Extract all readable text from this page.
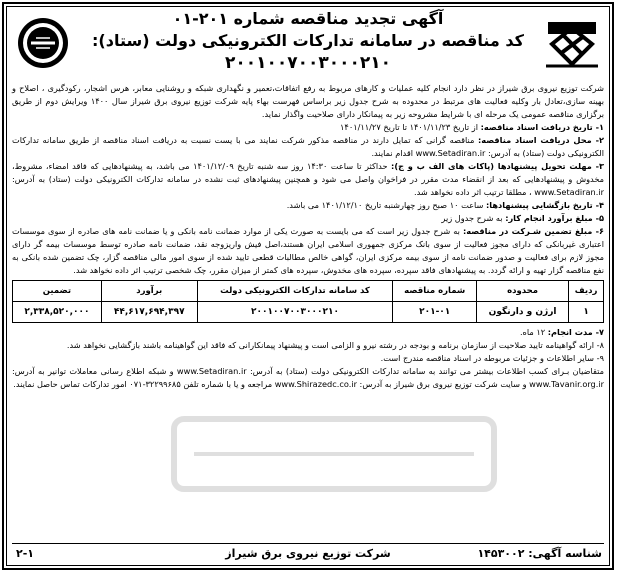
آگهی تجدید مناقصه شماره ۲۰۱-۰۱
کد مناقصه در سامانه تدارکات الکترونیکی دولت (ستاد):
۲۰۰۱۰۰۷۰۰۳۰۰۰۲۱۰

شرکت توزیع نیروی برق شیراز در نظر دارد انجام کلیه عملیات و کارهای مربوط به رفع اتفاقات،تعمیر و نگهداری شبکه و روشنایی معابر، هرس اشجار، رکودگیری ، اصلاح و بهینه سازی،تعادل بار وکلیه فعالیت های مرتبط در محدوده به شرح جدول زیر براساس فهرست بهاء پایه شرکت توزیع نیروی برق شیراز سال ۱۴۰۰ ویرایش دوم از طریق برگزاری مناقصه عمومی یک مرحله ای با شرایط مشروحه زیر به پیمانکار دارای صلاحیت واگذار نماید.

۱- تاریخ دریافت اسناد مناقصه: از تاریخ ۱۴۰۱/۱۱/۲۳ تا تاریخ ۱۴۰۱/۱۱/۲۷

۲- محل دریافت اسناد مناقصه: مناقصه گرانی که تمایل دارند در مناقصه مذکور شرکت نمایند می با یست نسبت به دریافت اسناد مناقصه از طریق سامانه تدارکات الکترونیکی دولت (ستاد) به آدرس: www.Setadiran.ir اقدام نمایند.

۳- مهلت تحویل پیشنهادها (پاکات های الف ب و ج): حداکثر تا ساعت ۱۴:۳۰ روز سه شنبه تاریخ ۱۴۰۱/۱۲/۰۹ می باشد، به پیشنهادهایی که فاقد امضاء، مشروط، مخدوش و پیشنهادهایی که بعد از انقضاء مدت مقرر در فراخوان واصل می شود و همچنین پیشنهادهای ثبت نشده در سامانه تدارکات الکترونیکی دولت (ستاد) به آدرس: www.Setadiran.ir ، مطلقا ترتیب اثر داده نخواهد شد.

۴- تاریخ بازگشایی پیشنهادها: ساعت ۱۰ صبح روز چهارشنبه تاریخ ۱۴۰۱/۱۲/۱۰ می باشد.

۵- مبلغ برآورد انجام کار: به شرح جدول زیر

۶- مبلغ تضمین شـرکت در مناقصه: به شرح جدول زیر است که می بایست به صورت یکی از موارد ضمانت نامه بانکی و یا ضمانت نامه های صادره از سوی موسسات اعتباری غیربانکی که دارای مجوز فعالیت از سوی بانک مرکزی جمهوری اسلامی ایران هستند،اصل فیش واریزوجه نقد، ضمانت نامه صادره توسط موسسات بیمه گر دارای مجوز لازم برای فعالیت و صدور ضمانت نامه از سوی بیمه مرکزی ایران، گواهی خالص مطالبات قطعی تایید شده از سوی امور مالی مناقصه گزار، چک تضمین شده بانکی به نفع مناقصه گزار تهیه و ارائه گردد. به پیشنهادهای فاقد سپرده، سپرده های مخدوش، سپرده های کمتر از میزان مقرر، چک شخصی ترتیب اثر داده نخواهد شد.

ردیف	محدوده	شماره مناقصه	کد سامانه تدارکات الکترونیکی دولت	برآورد	تضمین
۱	ارژن و دارنگون	۲۰۱-۰۱	۲۰۰۱۰۰۷۰۰۳۰۰۰۲۱۰	۴۴,۶۱۷,۶۹۴,۳۹۷	۲,۳۳۸,۵۲۰,۰۰۰

۷- مدت انجام: ۱۲ ماه.

۸- ارائه گواهینامه تایید صلاحیت از سازمان برنامه و بودجه در رشته نیرو و الزامی است و پیشنهاد پیمانکارانی که فاقد این گواهینامه باشند بازگشایی نخواهد شد.

۹- سایر اطلاعات و جزئیات مربوطه در اسناد مناقصه مندرج است.

متقاضیان بـرای کسب اطلاعات بیشتر می توانند به سامانه تدارکات الکترونیکی دولت (ستاد) به آدرس: www.Setadiran.ir و شبکه اطلاع رسانی معاملات توانیر به آدرس: www.Tavanir.org.ir و سایت شرکت توزیع نیروی برق شیراز به آدرس: www.Shirazedc.co.ir مراجعه و یا با شماره تلفن ۳۲۲۹۹۶۸۵-۰۷۱ امور تدارکات تماس حاصل نمایند.

شناسه آگهی: ۱۴۵۳۰۰۲
شرکت توزیع نیروی برق شیراز
۲-۱
